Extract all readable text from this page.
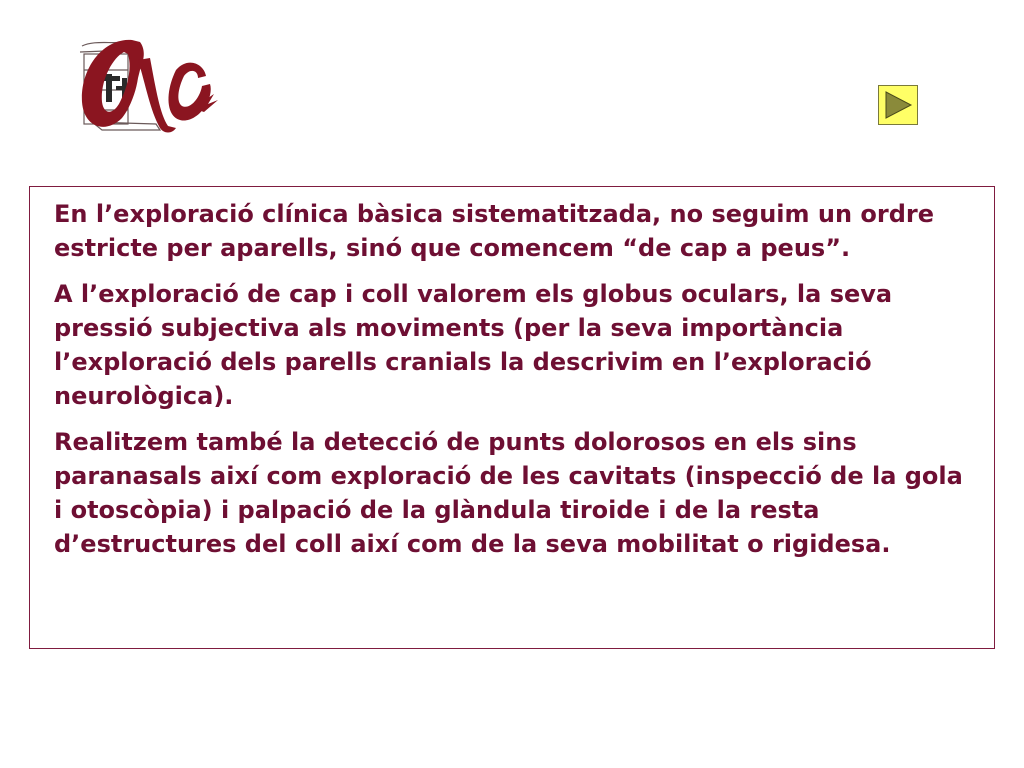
En l’exploració clínica bàsica sistematitzada, no seguim un ordre estricte per aparells, sinó que comencem “de cap a peus”.

A l’exploració de cap i coll valorem els globus oculars, la seva pressió subjectiva als moviments (per la seva importància l’exploració dels parells cranials la descrivim en l’exploració neurològica).

Realitzem també la detecció de punts dolorosos en els sins paranasals així com exploració de les cavitats (inspecció de la gola i otoscòpia) i palpació de la glàndula tiroide i de la resta d’estructures del coll així com de la seva mobilitat o rigidesa.
